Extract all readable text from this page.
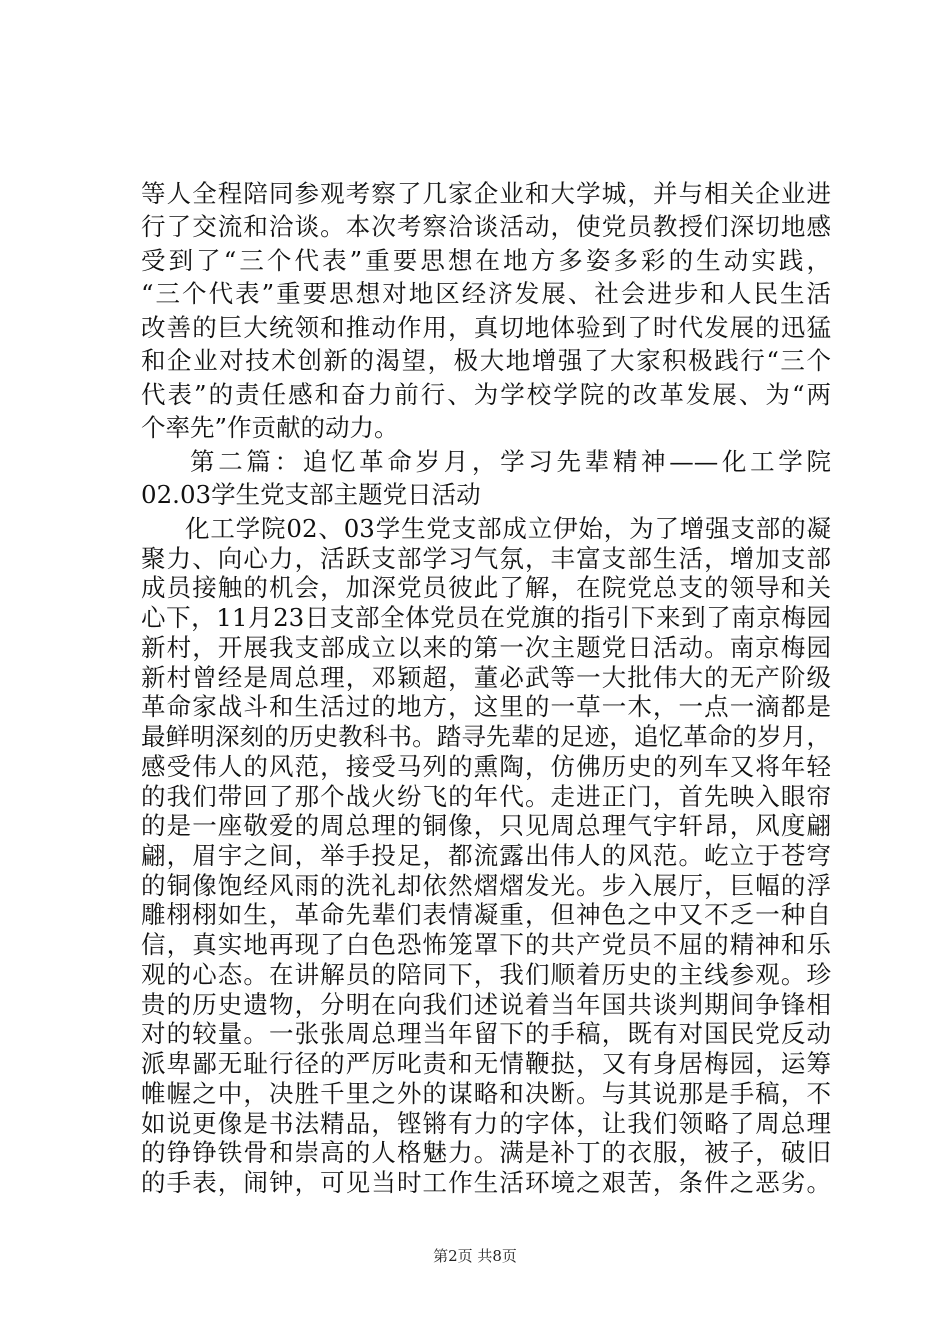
等人全程陪同参观考察了几家企业和大学城，并与相关企业进
行了交流和洽谈。本次考察洽谈活动，使党员教授们深切地感
受到了“三个代表”重要思想在地方多姿多彩的生动实践，
“三个代表”重要思想对地区经济发展、社会进步和人民生活
改善的巨大统领和推动作用，真切地体验到了时代发展的迅猛
和企业对技术创新的渴望，极大地增强了大家积极践行“三个
代表”的责任感和奋力前行、为学校学院的改革发展、为“两
个率先”作贡献的动力。
第二篇：追忆革命岁月，学习先辈精神——化工学院
02.03学生党支部主题党日活动
化工学院02、03学生党支部成立伊始，为了增强支部的凝
聚力、向心力，活跃支部学习气氛，丰富支部生活，增加支部
成员接触的机会，加深党员彼此了解，在院党总支的领导和关
心下，11月23日支部全体党员在党旗的指引下来到了南京梅园
新村，开展我支部成立以来的第一次主题党日活动。南京梅园
新村曾经是周总理，邓颖超，董必武等一大批伟大的无产阶级
革命家战斗和生活过的地方，这里的一草一木，一点一滴都是
最鲜明深刻的历史教科书。踏寻先辈的足迹，追忆革命的岁月，
感受伟人的风范，接受马列的熏陶，仿佛历史的列车又将年轻
的我们带回了那个战火纷飞的年代。走进正门，首先映入眼帘
的是一座敬爱的周总理的铜像，只见周总理气宇轩昂，风度翩
翩，眉宇之间，举手投足，都流露出伟人的风范。屹立于苍穹
的铜像饱经风雨的洗礼却依然熠熠发光。步入展厅，巨幅的浮
雕栩栩如生，革命先辈们表情凝重，但神色之中又不乏一种自
信，真实地再现了白色恐怖笼罩下的共产党员不屈的精神和乐
观的心态。在讲解员的陪同下，我们顺着历史的主线参观。珍
贵的历史遗物，分明在向我们述说着当年国共谈判期间争锋相
对的较量。一张张周总理当年留下的手稿，既有对国民党反动
派卑鄙无耻行径的严厉叱责和无情鞭挞，又有身居梅园，运筹
帷幄之中，决胜千里之外的谋略和决断。与其说那是手稿，不
如说更像是书法精品，铿锵有力的字体，让我们领略了周总理
的铮铮铁骨和崇高的人格魅力。满是补丁的衣服，被子，破旧
第2页 共8页
的手表，闹钟，可见当时工作生活环境之艰苦，条件之恶劣。
